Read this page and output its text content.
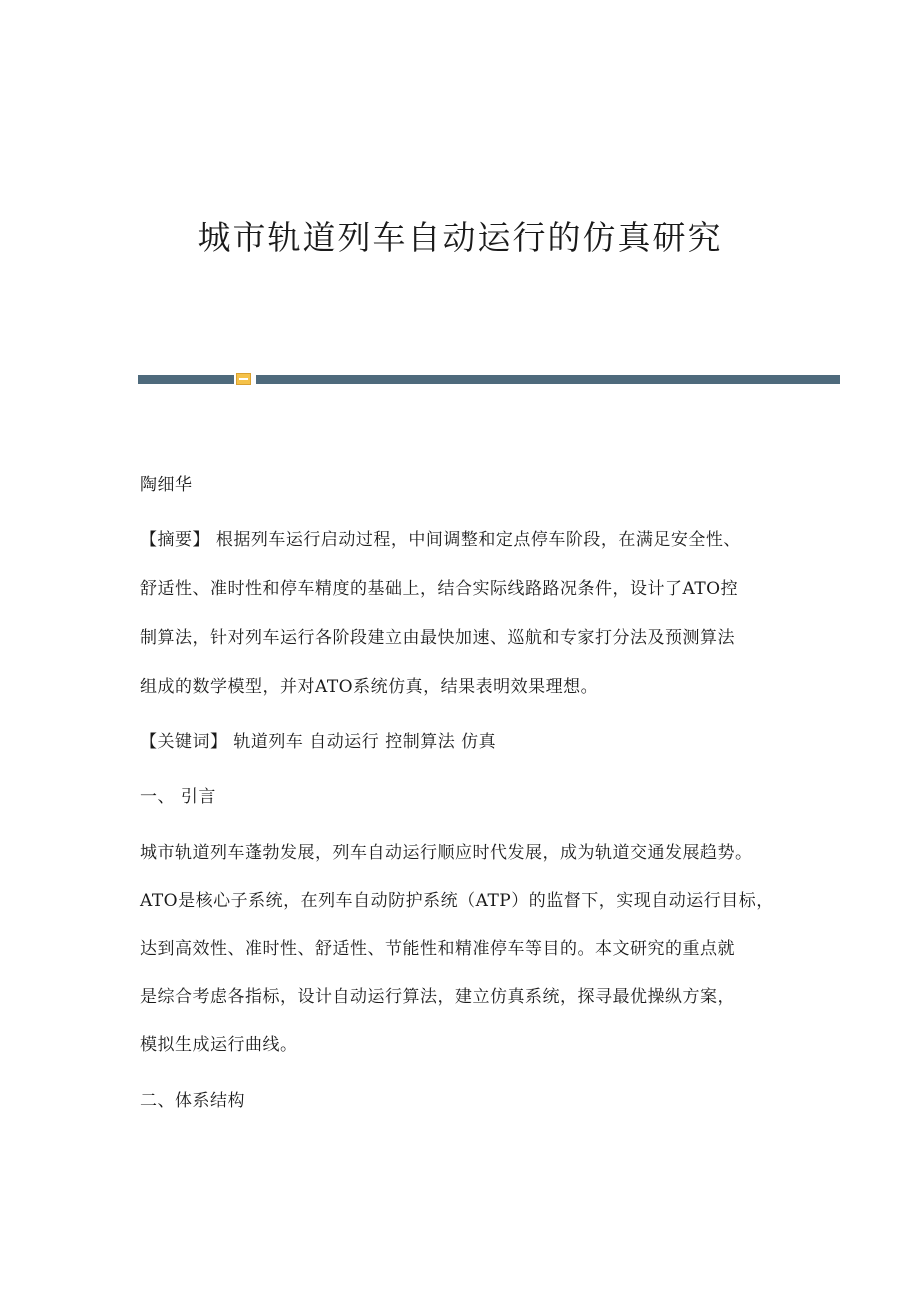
城市轨道列车自动运行的仿真研究
陶细华
【摘要】 根据列车运行启动过程，中间调整和定点停车阶段，在满足安全性、
舒适性、准时性和停车精度的基础上，结合实际线路路况条件，设计了ATO控
制算法，针对列车运行各阶段建立由最快加速、巡航和专家打分法及预测算法
组成的数学模型，并对ATO系统仿真，结果表明效果理想。
【关键词】 轨道列车 自动运行 控制算法 仿真
一、 引言
城市轨道列车蓬勃发展，列车自动运行顺应时代发展，成为轨道交通发展趋势。
ATO是核心子系统，在列车自动防护系统（ATP）的监督下，实现自动运行目标，
达到高效性、准时性、舒适性、节能性和精准停车等目的。本文研究的重点就
是综合考虑各指标，设计自动运行算法，建立仿真系统，探寻最优操纵方案，
模拟生成运行曲线。
二、体系结构
